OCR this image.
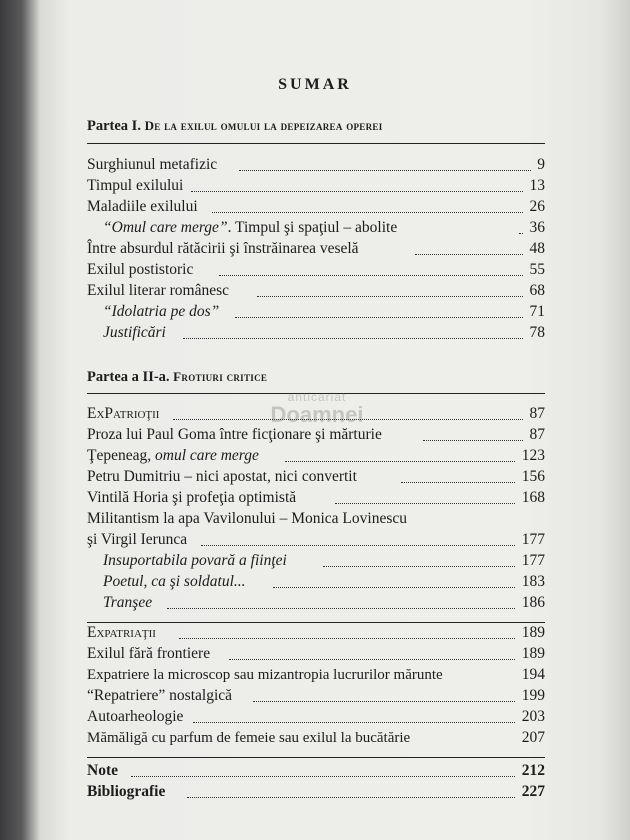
SUMAR
Partea I. De la exilul omului la depeizarea operei
Surghiunul metafizic	9
Timpul exilului	13
Maladiile exilului	26
“Omul care merge”. Timpul şi spaţiul – abolite	36
Între absurdul rătăcirii şi înstrăinarea veselă	48
Exilul postistoric	55
Exilul literar românesc	68
“Idolatria pe dos”	71
Justificări	78
Partea a II-a. Frotiuri critice
anticariat
Doamnei
ExPatrioţii	87
Proza lui Paul Goma între ficţionare şi mărturie	87
Ţepeneag, omul care merge	123
Petru Dumitriu – nici apostat, nici convertit	156
Vintilă Horia şi profeţia optimistă	168
Militantism la apa Vavilonului – Monica Lovinescu
şi Virgil Ierunca	177
Insuportabila povară a fiinţei	177
Poetul, ca şi soldatul...	183
Tranşee	186
Expatriaţii	189
Exilul fără frontiere	189
Expatriere la microscop sau mizantropia lucrurilor mărunte	194
“Repatriere” nostalgică	199
Autoarheologie	203
Mămăligă cu parfum de femeie sau exilul la bucătărie	207
Note	212
Bibliografie	227
